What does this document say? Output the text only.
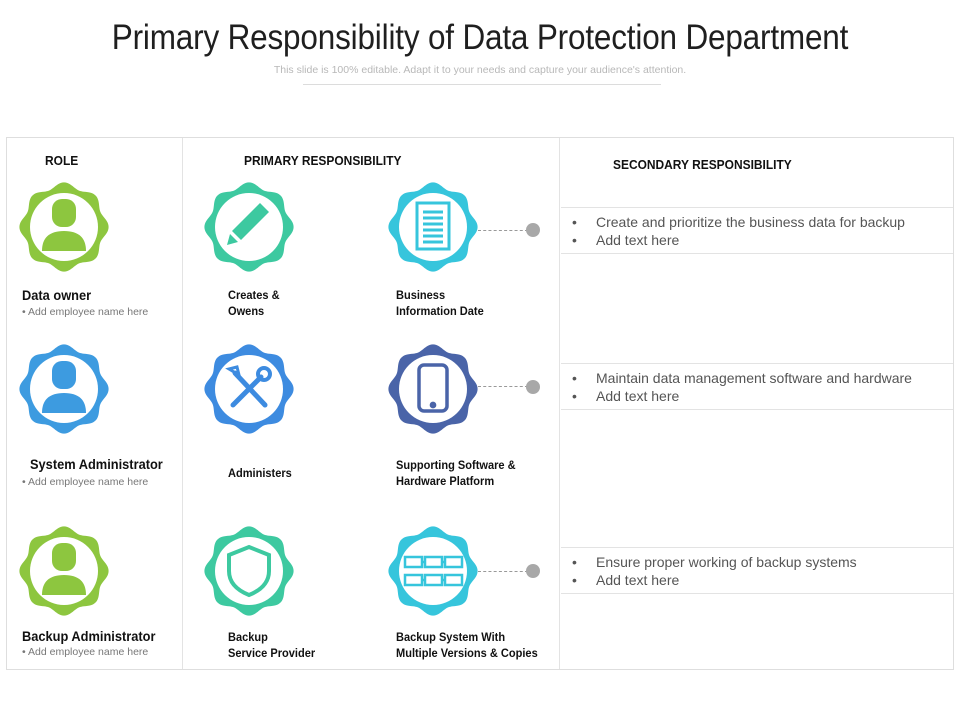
Primary Responsibility of Data Protection Department
This slide is 100% editable. Adapt it to your needs and capture your audience's attention.
ROLE	PRIMARY RESPONSIBILITY	SECONDARY RESPONSIBILITY
Data owner
• Add employee name here
System Administrator
• Add employee name here
Backup Administrator
• Add employee name here
Creates &
Owens
Business
Information Date
Administers
Supporting Software &
Hardware Platform
Backup
Service Provider
Backup System With
Multiple Versions & Copies
• Create and prioritize the business data for backup
• Add text here
• Maintain data management software and hardware
• Add text here
• Ensure proper working of backup systems
• Add text here
